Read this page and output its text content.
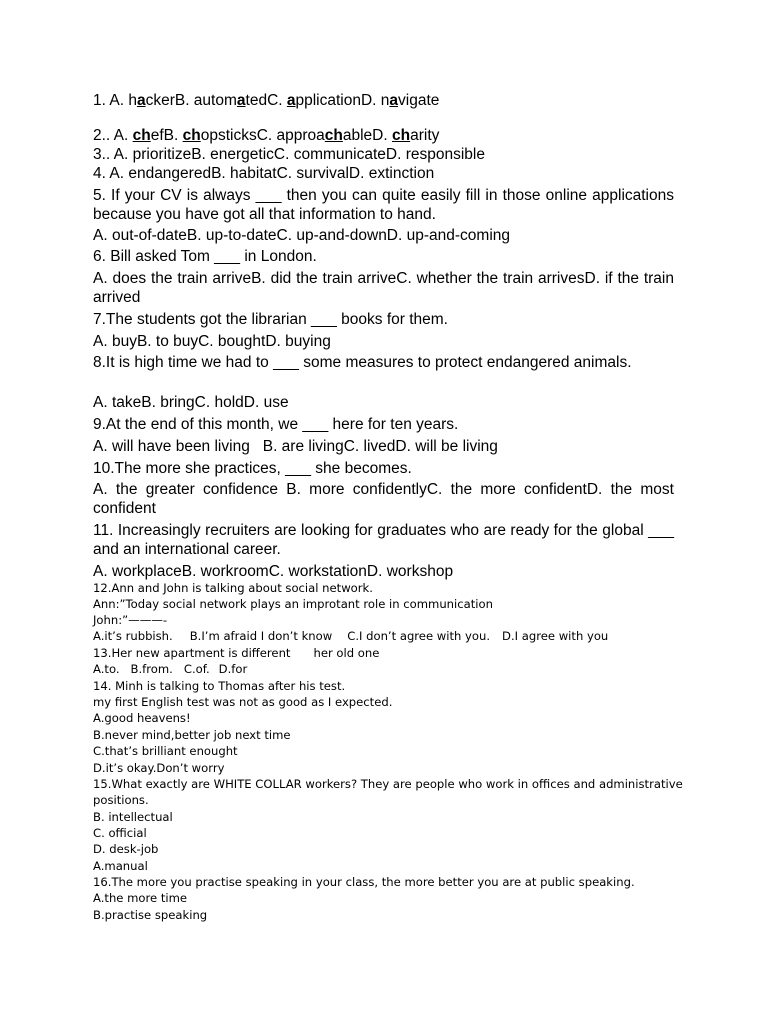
1. A. hackerB. automatedC. applicationD. navigate

2.. A. chefB. chopsticksC. approachableD. charity

3.. A. prioritizeB. energeticC. communicateD. responsible

4. A. endangeredB. habitatC. survivalD. extinction

5. If your CV is always ___ then you can quite easily fill in those online applications because you have got all that information to hand.

A. out-of-dateB. up-to-dateC. up-and-downD. up-and-coming

6. Bill asked Tom ___ in London.

A. does the train arriveB. did the train arriveC. whether the train arrivesD. if the train arrived

7.The students got the librarian ___ books for them.

A. buyB. to buyC. boughtD. buying

8.It is high time we had to ___ some measures to protect endangered animals.

A. takeB. bringC. holdD. use

9.At the end of this month, we ___ here for ten years.

A. will have been living   B. are livingC. livedD. will be living

10.The more she practices, ___ she becomes.

A. the greater confidence B. more confidentlyC. the more confidentD. the most confident

11. Increasingly recruiters are looking for graduates who are ready for the global ___ and an international career.

A. workplaceB. workroomC. workstationD. workshop

12.Ann and John is talking about social network.

Ann:”Today social network plays an improtant role in communication

John:”———-

A.it’s rubbish. B.I’m afraid I don’t know C.I don’t agree with you. D.I agree with you

13.Her new apartment is different her old one

A.to. B.from. C.of. D.for

14. Minh is talking to Thomas after his test.

my first English test was not as good as I expected.

A.good heavens!

B.never mind,better job next time

C.that’s brilliant enought

D.it’s okay.Don’t worry

15.What exactly are WHITE COLLAR workers? They are people who work in offices and administrative positions.

B. intellectual

C. official

D. desk-job

A.manual

16.The more you practise speaking in your class, the more better you are at public speaking.

A.the more time

B.practise speaking
